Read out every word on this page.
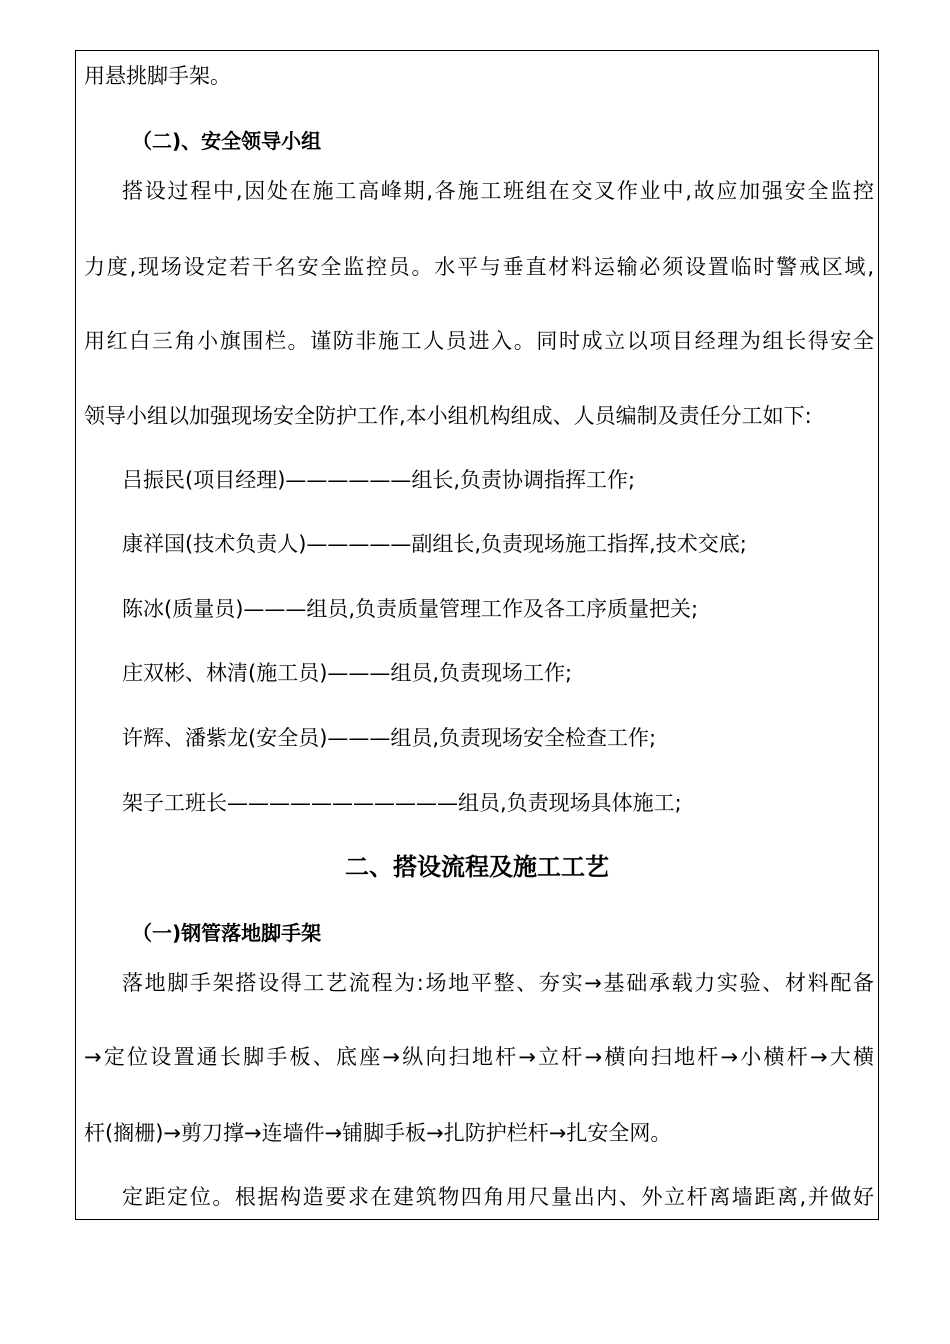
用悬挑脚手架。
（二)、安全领导小组
搭设过程中,因处在施工高峰期,各施工班组在交叉作业中,故应加强安全监控
力度,现场设定若干名安全监控员。水平与垂直材料运输必须设置临时警戒区域,
用红白三角小旗围栏。谨防非施工人员进入。同时成立以项目经理为组长得安全
领导小组以加强现场安全防护工作,本小组机构组成、人员编制及责任分工如下:
吕振民(项目经理)——————组长,负责协调指挥工作;
康祥国(技术负责人)—————副组长,负责现场施工指挥,技术交底;
陈冰(质量员)———组员,负责质量管理工作及各工序质量把关;
庄双彬、林清(施工员)———组员,负责现场工作;
许辉、潘紫龙(安全员)———组员,负责现场安全检查工作;
架子工班长———————————组员,负责现场具体施工;
二、搭设流程及施工工艺
（一)钢管落地脚手架
落地脚手架搭设得工艺流程为:场地平整、夯实→基础承载力实验、材料配备
→定位设置通长脚手板、底座→纵向扫地杆→立杆→横向扫地杆→小横杆→大横
杆(搁栅)→剪刀撑→连墙件→铺脚手板→扎防护栏杆→扎安全网。
定距定位。根据构造要求在建筑物四角用尺量出内、外立杆离墙距离,并做好
